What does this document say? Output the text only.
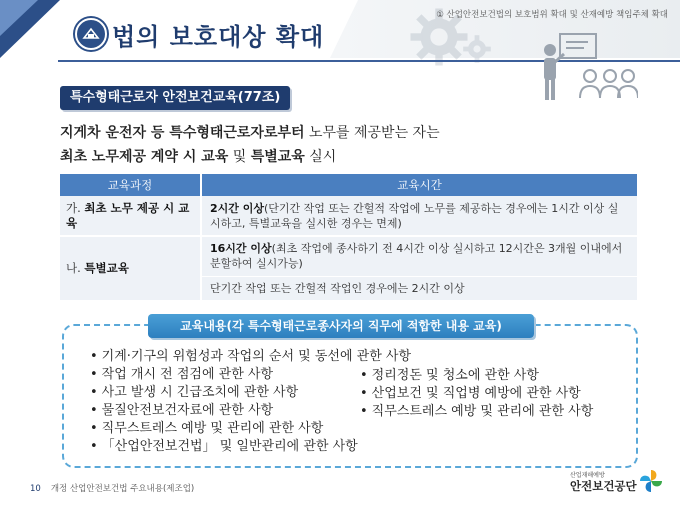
법의 보호대상 확대
① 산업안전보건법의 보호범위 확대 및 산재예방 책임주체 확대
특수형태근로자 안전보건교육(77조)
지게차 운전자 등 특수형태근로자로부터 노무를 제공받는 자는
최초 노무제공 계약 시 교육 및 특별교육 실시
교육과정	교육시간
가. 최초 노무 제공 시 교육	2시간 이상(단기간 작업 또는 간헐적 작업에 노무를 제공하는 경우에는 1시간 이상 실시하고, 특별교육을 실시한 경우는 면제)
나. 특별교육	16시간 이상(최초 작업에 종사하기 전 4시간 이상 실시하고 12시간은 3개월 이내에서 분할하여 실시가능)
	단기간 작업 또는 간헐적 작업인 경우에는 2시간 이상
교육내용(각 특수형태근로종사자의 직무에 적합한 내용 교육)
• 기계·기구의 위험성과 작업의 순서 및 동선에 관한 사항
• 작업 개시 전 점검에 관한 사항
• 사고 발생 시 긴급조치에 관한 사항
• 물질안전보건자료에 관한 사항
• 직무스트레스 예방 및 관리에 관한 사항
• 「산업안전보건법」 및 일반관리에 관한 사항
• 정리정돈 및 청소에 관한 사항
• 산업보건 및 직업병 예방에 관한 사항
• 직무스트레스 예방 및 관리에 관한 사항
10 개정 산업안전보건법 주요내용(제조업)
산업재해예방
안전보건공단
